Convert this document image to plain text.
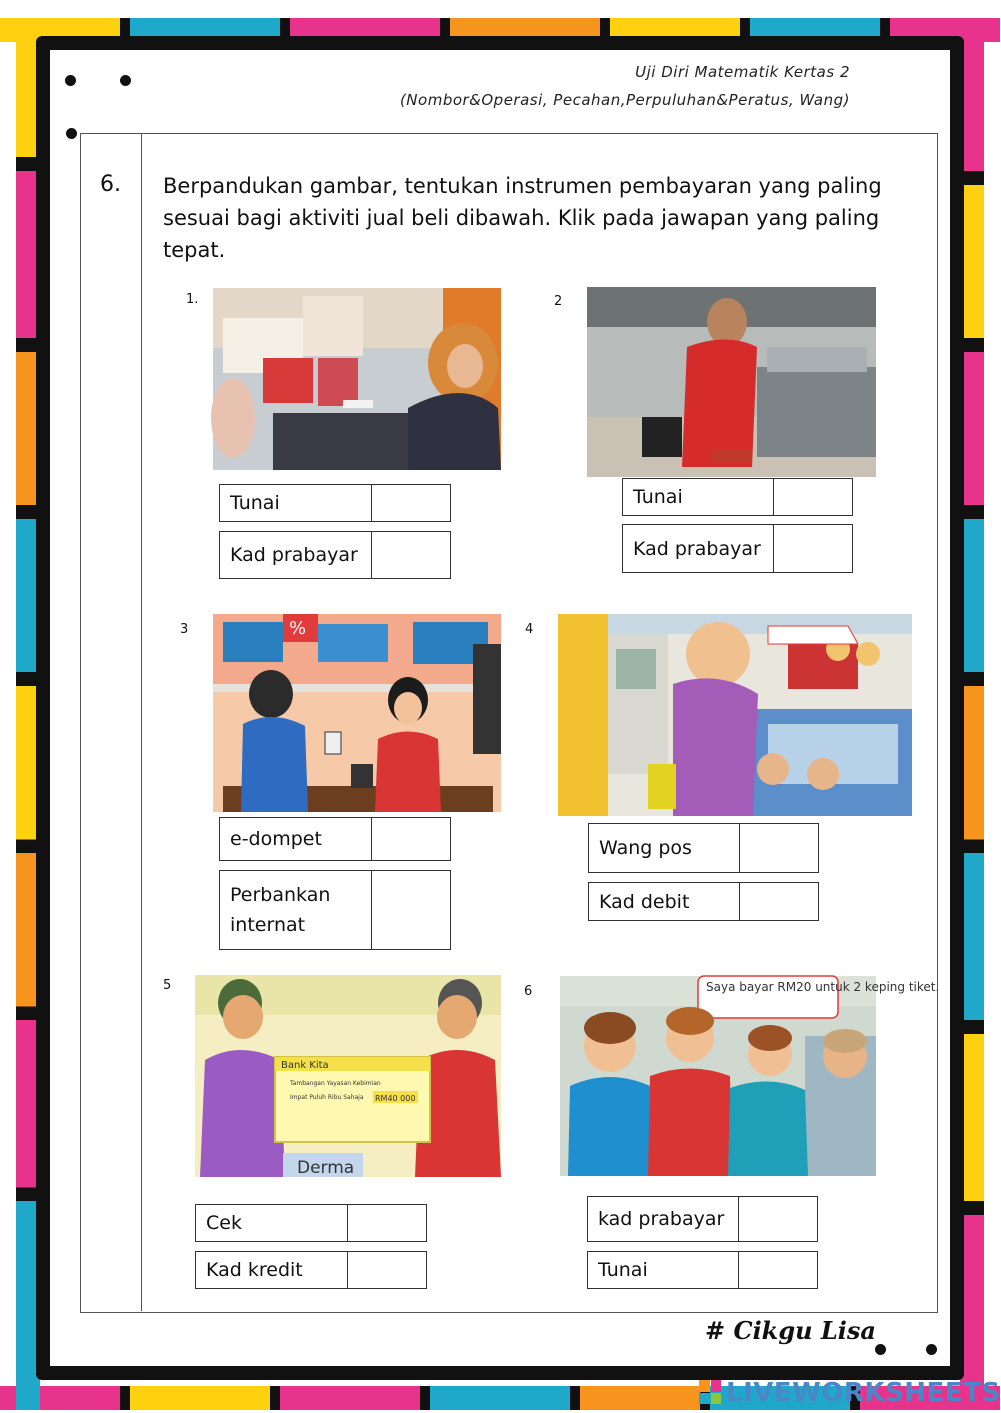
Uji Diri Matematik Kertas 2
(Nombor&Operasi, Pecahan,Perpuluhan&Peratus, Wang)
6. Berpandukan gambar, tentukan instrumen pembayaran yang paling sesuai bagi aktiviti jual beli dibawah. Klik pada jawapan yang paling tepat.
1.
Tunai
Kad prabayar
2
Tunai
Kad prabayar
3	%
e-dompet
Perbankan internat
4
Wang pos
Kad debit
5
Bank Kita
Tambangan Yayasan Kebimian
Impat Puluh Ribu Sahaja RM40 000
Derma
Cek
Kad kredit
6	Saya bayar RM20 untuk 2 keping tiket.
kad prabayar
Tunai
# Cikgu Lisa
LIVEWORKSHEETS
